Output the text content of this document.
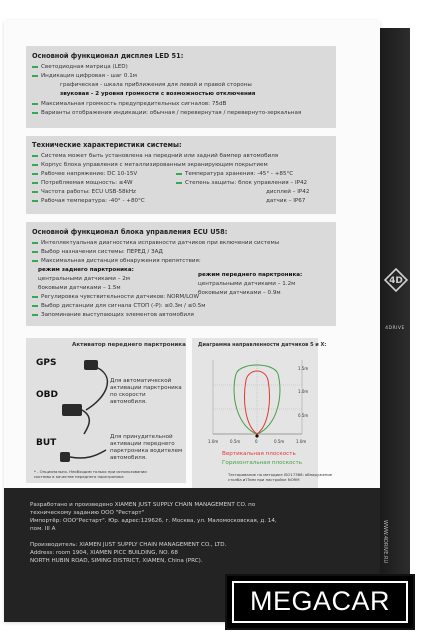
4D
4DRIVE
WWW.4DRIVE.RU
Основной функционал дисплея LED 51:
Светодиодная матрица (LED)
Индикация цифровая - шаг 0.1м
графическая - шкала приближения для левой и правой стороны
звуковая - 2 уровня громкости с возможностью отключения
Максимальная громкость предупредительных сигналов: 75dB
Варианты отображения индикации: обычная / перевернутая / перевернуто-зеркальная
Технические характеристики системы:
Система может быть установлена на передний или задний бампер автомобиля
Корпус блока управления с металлизированным экранирующим покрытием
Рабочее напряжение: DC 10-15V
Потребляемая мощность: ≤4W
Частота работы: ECU USB-58kHz
Рабочая температура: -40° - +80°C
Температура хранения: -45° - +85°C
Степень защиты: блок управления – IP42
дисплей – IP42
датчик – IP67
Основной функционал блока управления ECU U58:
Интеллектуальная диагностика исправности датчиков при включении системы
Выбор назначения системы: ПЕРЕД / ЗАД
Максимальная дистанция обнаружения препятствия:
режим заднего парктроника:
центральными датчиками – 2м
боковыми датчиками – 1.5м
Регулировка чувствительности датчиков: NORM/LOW
Выбор дистанции для сигнала СТОП (-Р): ≤0.3м / ≤0.5м
Запоминание выступающих элементов автомобиля
режим переднего парктроника:
центральными датчиками – 1.2м
боковыми датчиками – 0.9м
Активатор переднего парктроника
GPS
OBD
BUT
Для автоматической
активации парктроника
по скорости
автомобиля.
Для принудительной
активации переднего
парктроника водителем
автомобиля.
* - Опционально. Необходим только при использовании
системы в качестве переднего парктроника
Диаграмма направленности датчиков 5 и X:
1.5m
1.0m
0.5m
1.0m	0.5m	0	0.5m	1.0m
Вертикальная плоскость
Горизонтальная плоскость
Тестирование по методике ISO17386: обнаружение
столба ø75мм при настройке NORM

Разработано и произведено XIAMEN JUST SUPPLY CHAIN MANAGEMENT CO. по

техническому заданию ООО "Рестарт"

Импортёр: ООО"Рестарт". Юр. адрес:129626, г. Москва, ул. Маломосковская, д. 14,

пом. III А

Производитель: XIAMEN JUST SUPPLY CHAIN MANAGEMENT CO., LTD.

Address: room 1904, XIAMEN PICC BUILDING, NO. 68

NORTH HUBIN ROAD, SIMING DISTRICT, XIAMEN, China (PRC).

MEGACAR
